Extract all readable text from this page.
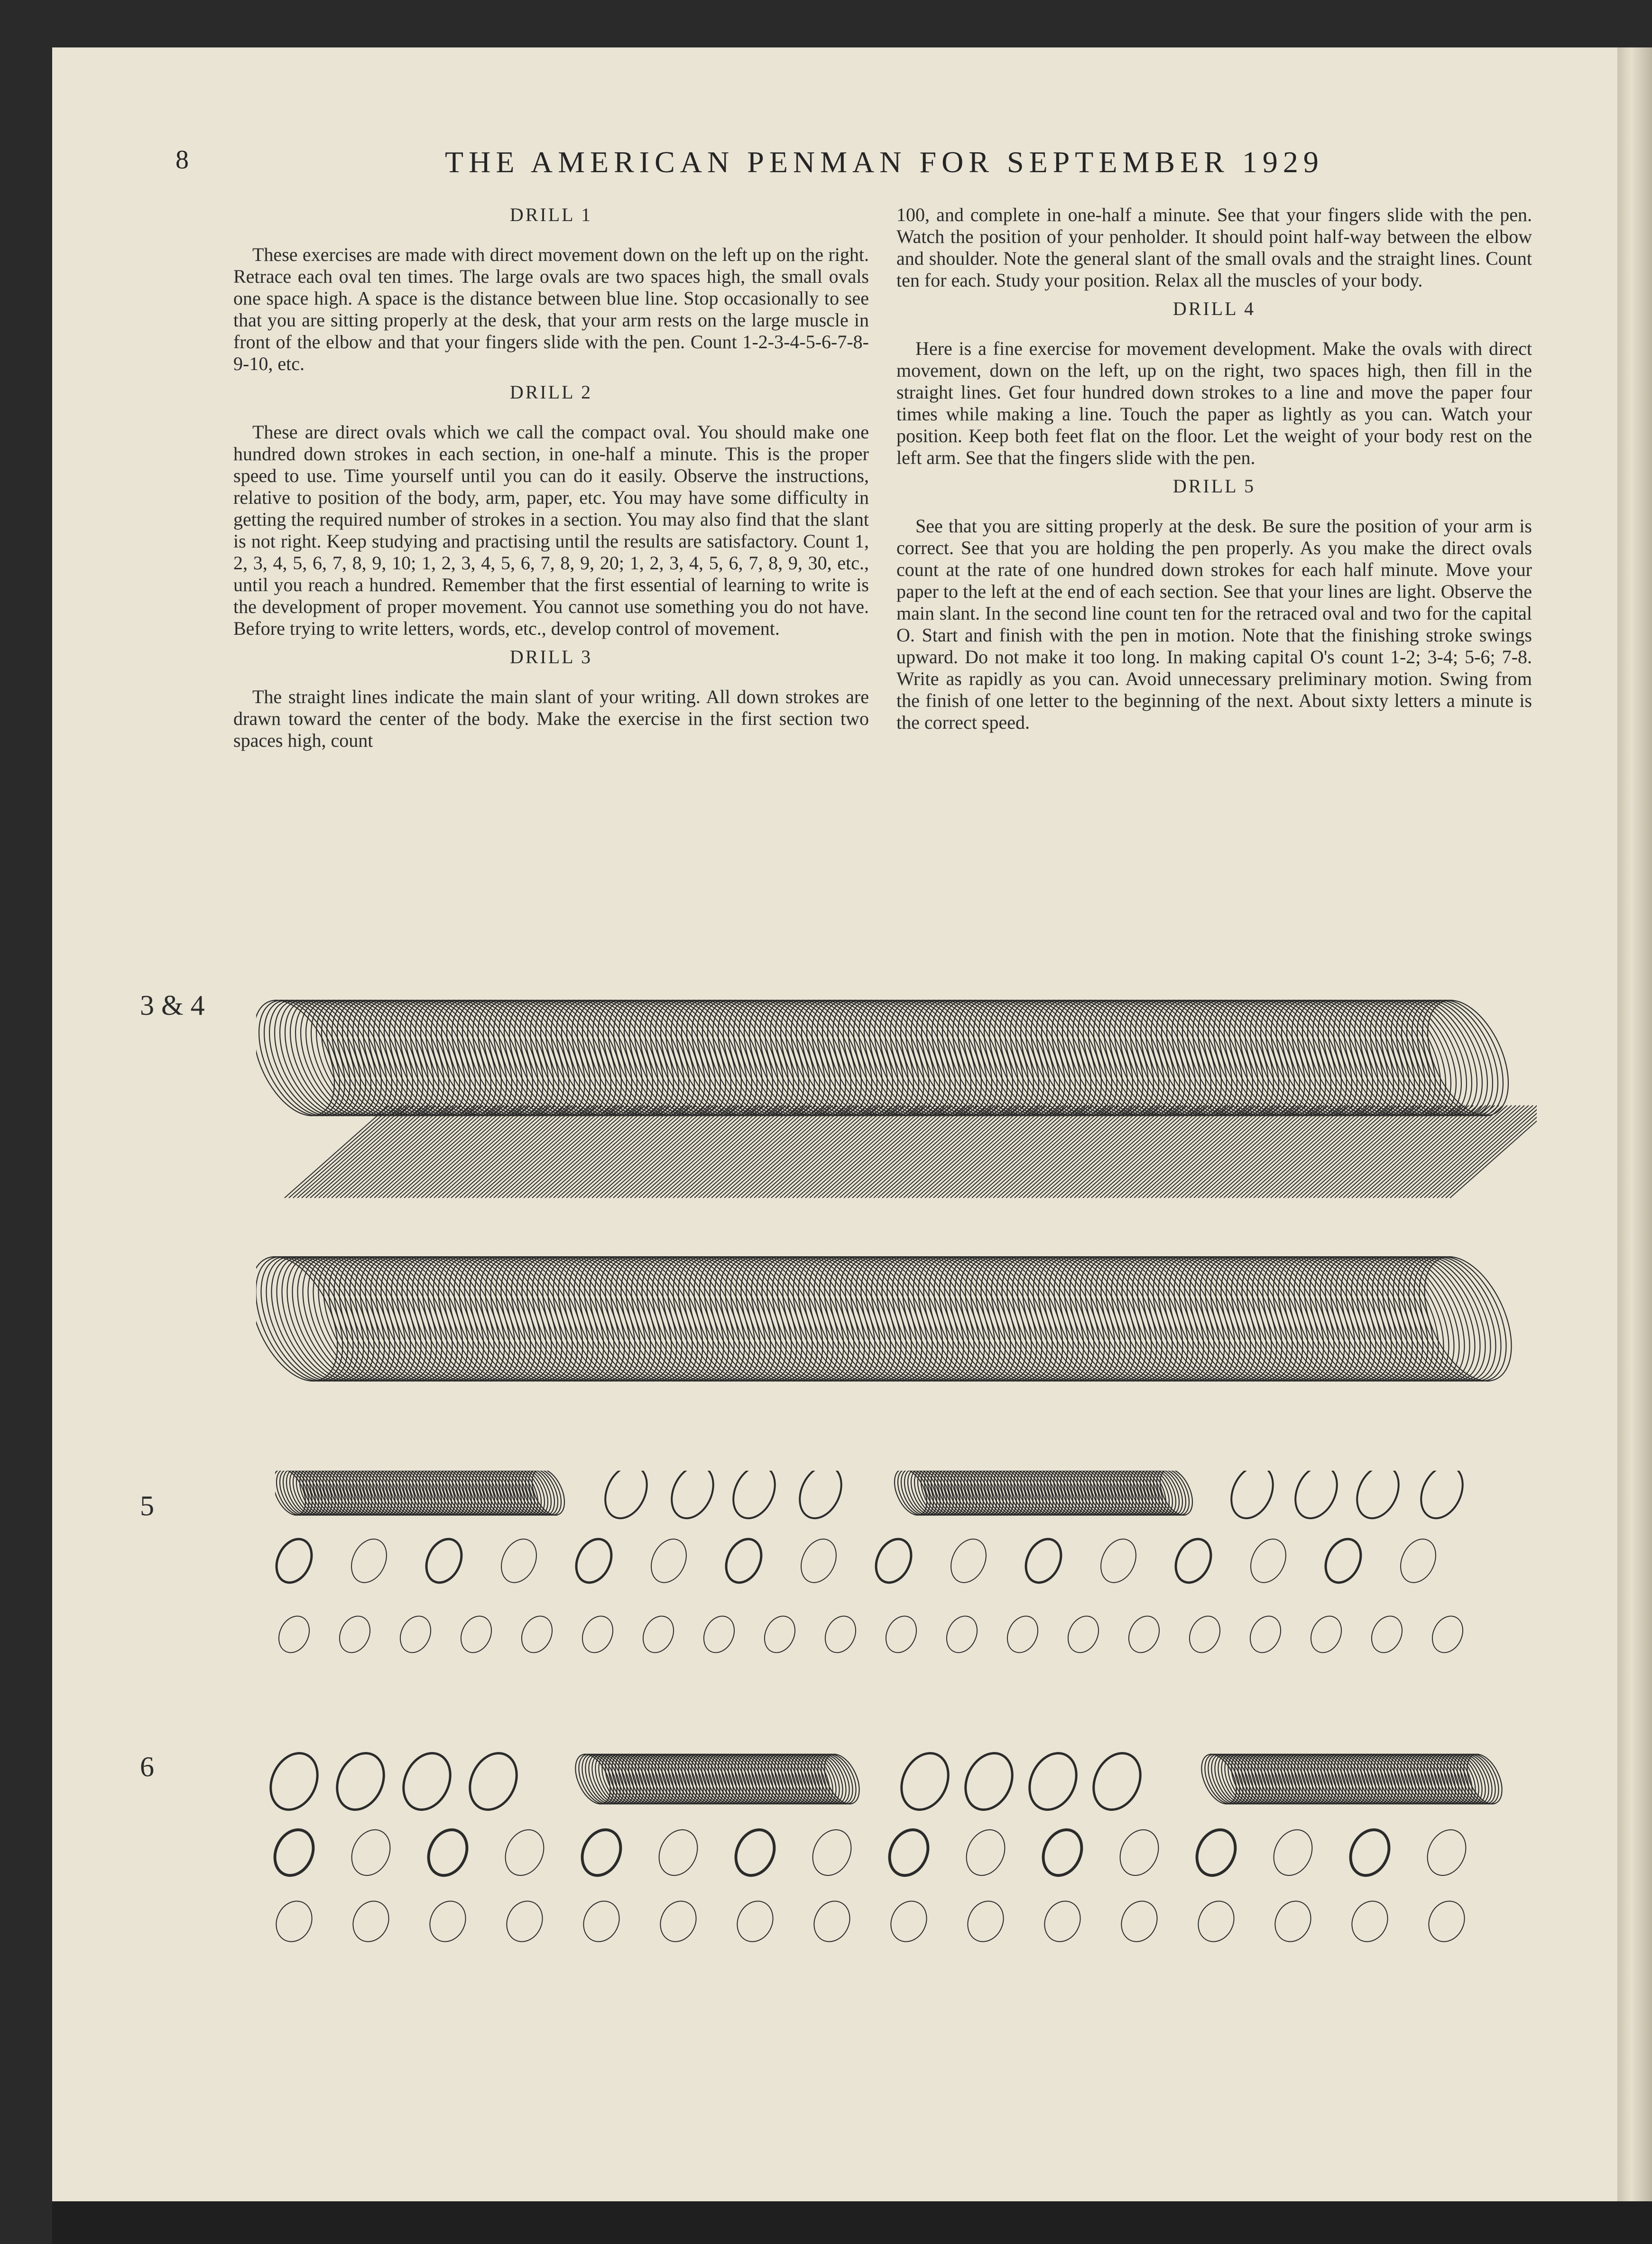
8	THE AMERICAN PENMAN FOR SEPTEMBER 1929
DRILL 1
These exercises are made with direct movement down on the left up on the right. Retrace each oval ten times. The large ovals are two spaces high, the small ovals one space high. A space is the distance between blue line. Stop occasionally to see that you are sitting properly at the desk, that your arm rests on the large muscle in front of the elbow and that your fingers slide with the pen. Count 1-2-3-4-5-6-7-8-9-10, etc.
DRILL 2
These are direct ovals which we call the compact oval. You should make one hundred down strokes in each section, in one-half a minute. This is the proper speed to use. Time yourself until you can do it easily. Observe the instructions, relative to position of the body, arm, paper, etc. You may have some difficulty in getting the required number of strokes in a section. You may also find that the slant is not right. Keep studying and practising until the results are satisfactory. Count 1, 2, 3, 4, 5, 6, 7, 8, 9, 10; 1, 2, 3, 4, 5, 6, 7, 8, 9, 20; 1, 2, 3, 4, 5, 6, 7, 8, 9, 30, etc., until you reach a hundred. Remember that the first essential of learning to write is the development of proper movement. You cannot use something you do not have. Before trying to write letters, words, etc., develop control of movement.
DRILL 3
The straight lines indicate the main slant of your writing. All down strokes are drawn toward the center of the body. Make the exercise in the first section two spaces high, count
100, and complete in one-half a minute. See that your fingers slide with the pen. Watch the position of your penholder. It should point half-way between the elbow and shoulder. Note the general slant of the small ovals and the straight lines. Count ten for each. Study your position. Relax all the muscles of your body.
DRILL 4
Here is a fine exercise for movement development. Make the ovals with direct movement, down on the left, up on the right, two spaces high, then fill in the straight lines. Get four hundred down strokes to a line and move the paper four times while making a line. Touch the paper as lightly as you can. Watch your position. Keep both feet flat on the floor. Let the weight of your body rest on the left arm. See that the fingers slide with the pen.
DRILL 5
See that you are sitting properly at the desk. Be sure the position of your arm is correct. See that you are holding the pen properly. As you make the direct ovals count at the rate of one hundred down strokes for each half minute. Move your paper to the left at the end of each section. See that your lines are light. Observe the main slant. In the second line count ten for the retraced oval and two for the capital O. Start and finish with the pen in motion. Note that the finishing stroke swings upward. Do not make it too long. In making capital O's count 1-2; 3-4; 5-6; 7-8. Write as rapidly as you can. Avoid unnecessary preliminary motion. Swing from the finish of one letter to the beginning of the next. About sixty letters a minute is the correct speed.
3 & 4
5
6
